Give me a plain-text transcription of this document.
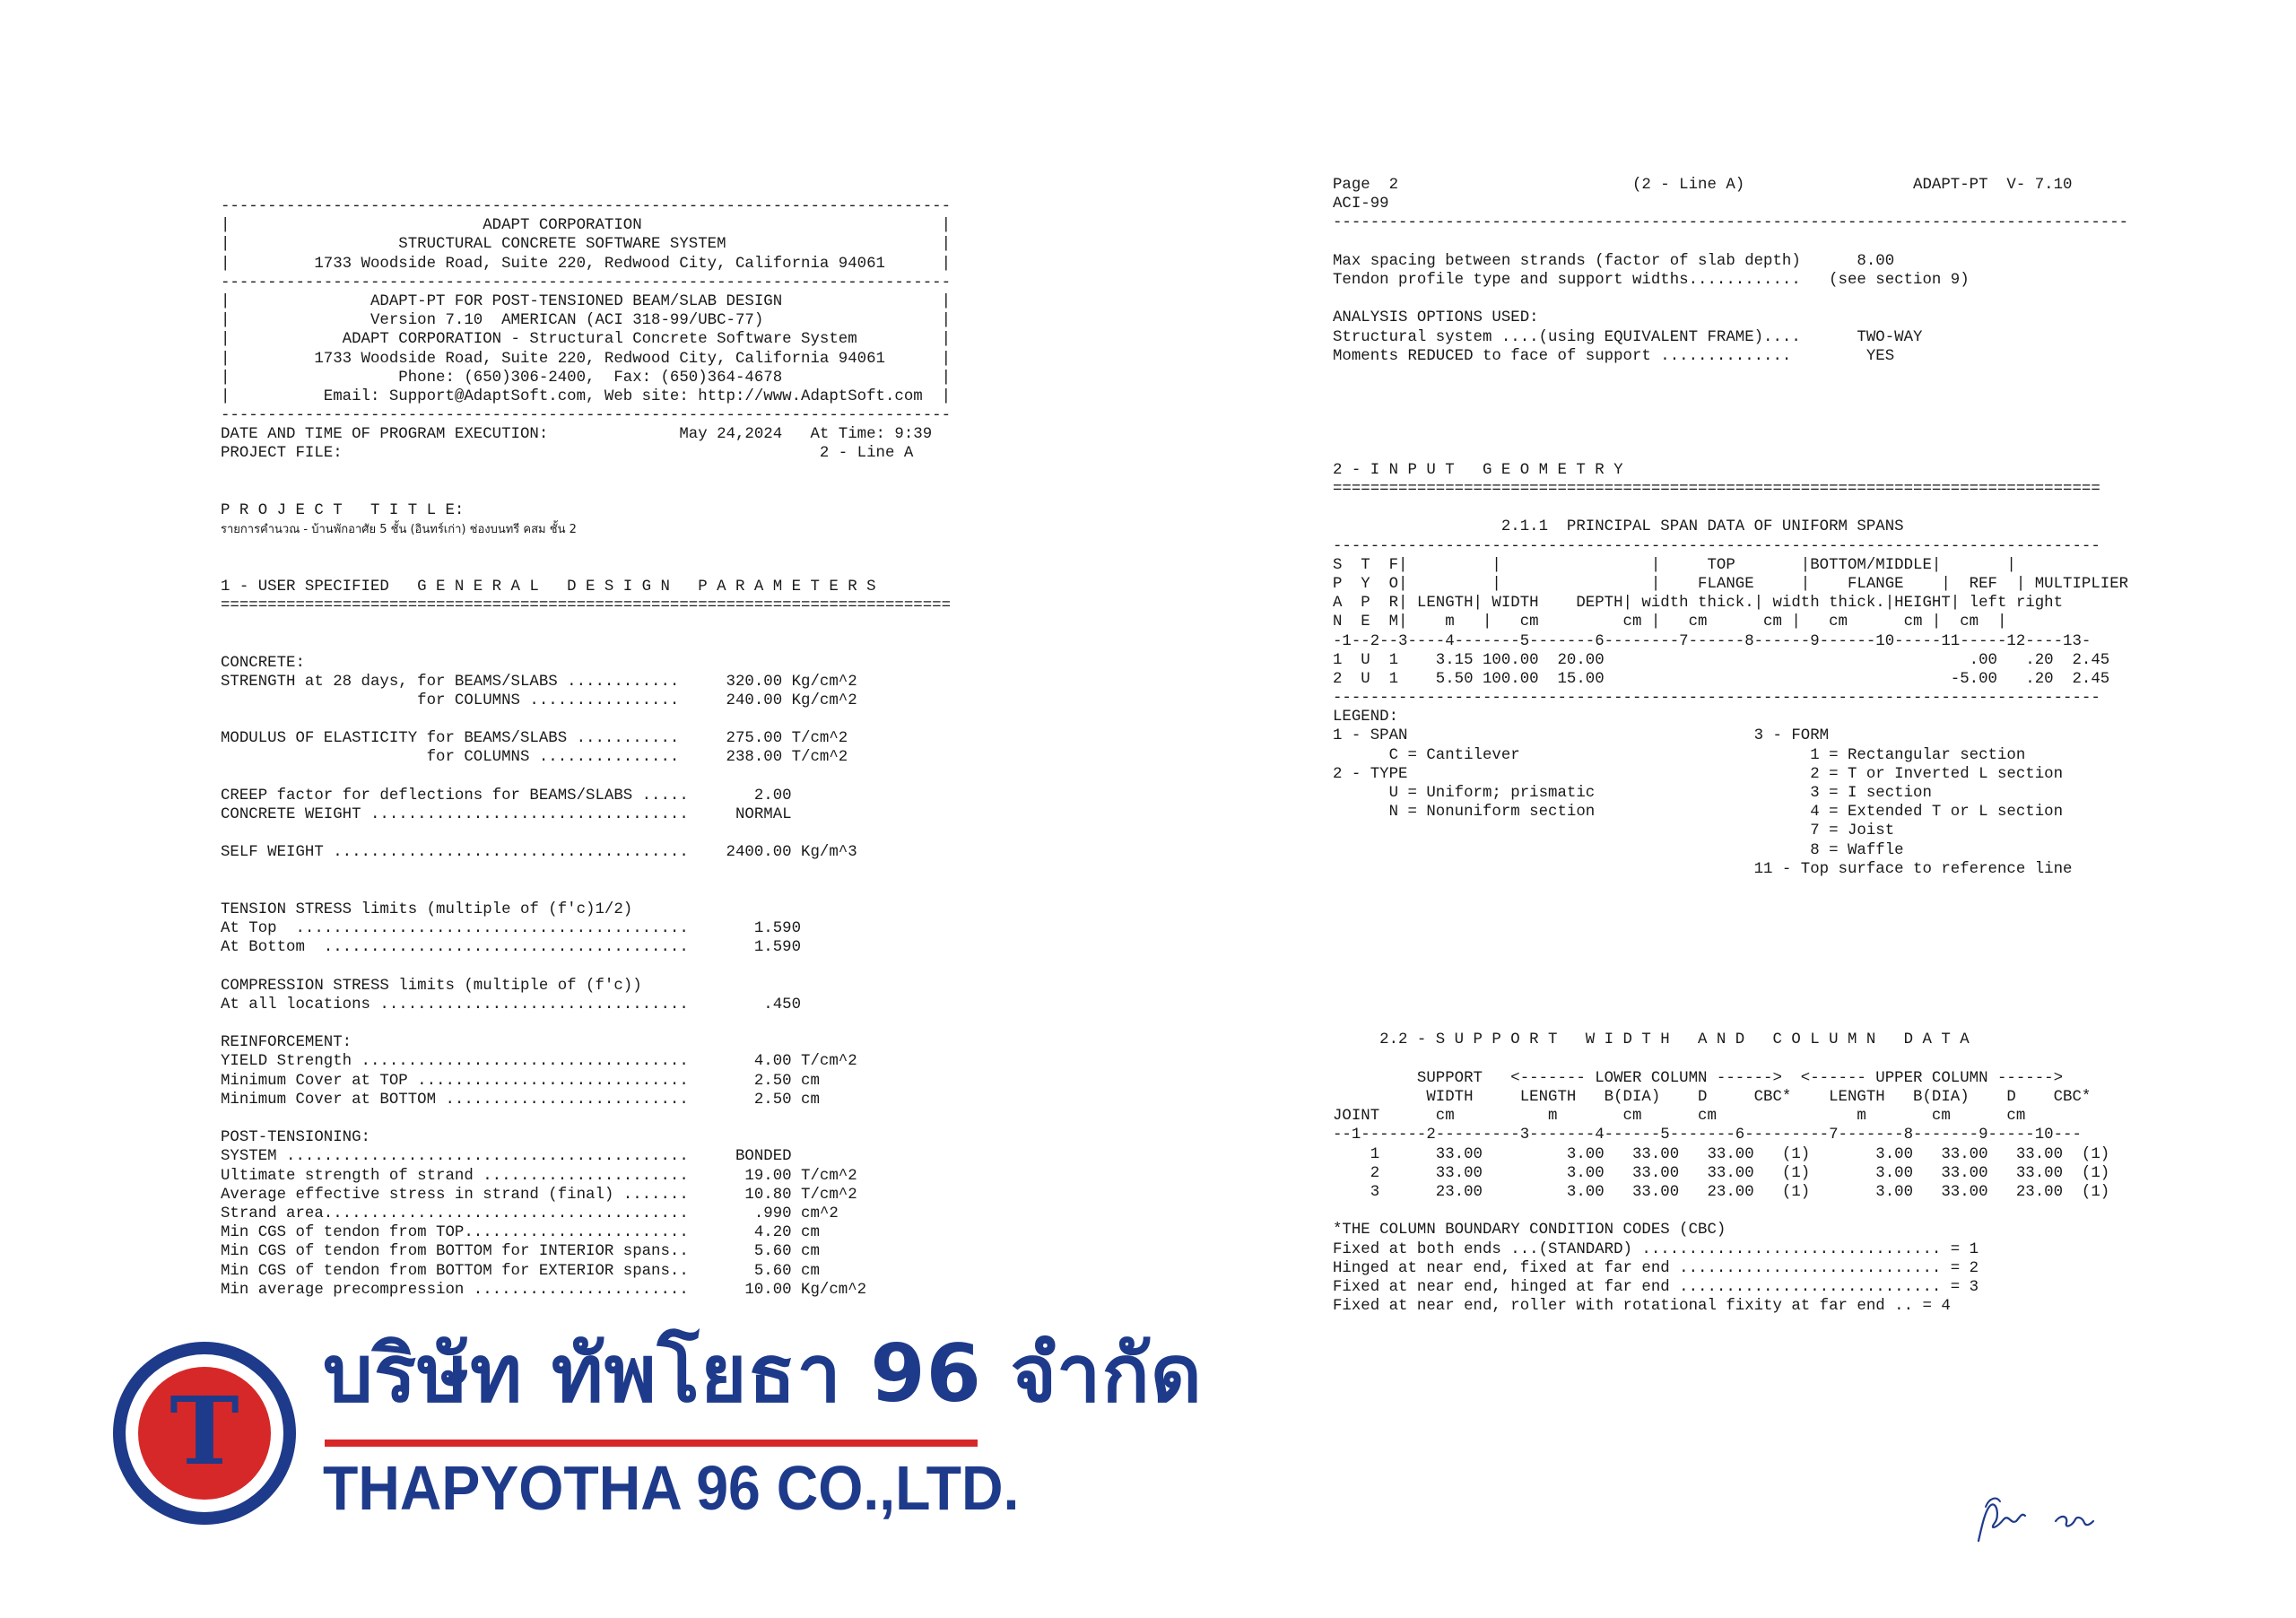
------------------------------------------------------------------------------
|                           ADAPT CORPORATION                                |
|                  STRUCTURAL CONCRETE SOFTWARE SYSTEM                       |
|         1733 Woodside Road, Suite 220, Redwood City, California 94061      |
------------------------------------------------------------------------------
|               ADAPT-PT FOR POST-TENSIONED BEAM/SLAB DESIGN                 |
|               Version 7.10  AMERICAN (ACI 318-99/UBC-77)                   |
|            ADAPT CORPORATION - Structural Concrete Software System         |
|         1733 Woodside Road, Suite 220, Redwood City, California 94061      |
|                  Phone: (650)306-2400,  Fax: (650)364-4678                 |
|          Email: Support@AdaptSoft.com, Web site: http://www.AdaptSoft.com  |
------------------------------------------------------------------------------
DATE AND TIME OF PROGRAM EXECUTION:              May 24,2024   At Time: 9:39
PROJECT FILE:                                                   2 - Line A
P R O J E C T   T I T L E:
รายการคำนวณ - บ้านพักอาศัย 5 ชั้น (อินทร์เก่า) ช่องบนทรี คสม ชั้น 2
1 - USER SPECIFIED   G E N E R A L   D E S I G N   P A R A M E T E R S
==============================================================================
CONCRETE:
STRENGTH at 28 days, for BEAMS/SLABS ............     320.00 Kg/cm^2
for COLUMNS ................     240.00 Kg/cm^2
MODULUS OF ELASTICITY for BEAMS/SLABS ...........     275.00 T/cm^2
for COLUMNS ...............     238.00 T/cm^2
CREEP factor for deflections for BEAMS/SLABS .....       2.00
CONCRETE WEIGHT ..................................     NORMAL
SELF WEIGHT ......................................    2400.00 Kg/m^3
TENSION STRESS limits (multiple of (f'c)1/2)
At Top  ..........................................       1.590
At Bottom  .......................................       1.590
COMPRESSION STRESS limits (multiple of (f'c))
At all locations .................................        .450
REINFORCEMENT:
YIELD Strength ...................................       4.00 T/cm^2
Minimum Cover at TOP .............................       2.50 cm
Minimum Cover at BOTTOM ..........................       2.50 cm
POST-TENSIONING:
SYSTEM ...........................................     BONDED
Ultimate strength of strand ......................      19.00 T/cm^2
Average effective stress in strand (final) .......      10.80 T/cm^2
Strand area.......................................       .990 cm^2
Min CGS of tendon from TOP........................       4.20 cm
Min CGS of tendon from BOTTOM for INTERIOR spans..       5.60 cm
Min CGS of tendon from BOTTOM for EXTERIOR spans..       5.60 cm
Min average precompression .......................      10.00 Kg/cm^2
Page  2                         (2 - Line A)                  ADAPT-PT  V- 7.10
ACI-99
-------------------------------------------------------------------------------------
Max spacing between strands (factor of slab depth)      8.00
Tendon profile type and support widths............   (see section 9)
ANALYSIS OPTIONS USED:
Structural system ....(using EQUIVALENT FRAME)....      TWO-WAY
Moments REDUCED to face of support ..............        YES
2 - I N P U T   G E O M E T R Y
==================================================================================
2.1.1  PRINCIPAL SPAN DATA OF UNIFORM SPANS
----------------------------------------------------------------------------------
S  T  F|         |                |     TOP       |BOTTOM/MIDDLE|       |
P  Y  O|         |                |    FLANGE     |    FLANGE    |  REF  | MULTIPLIER
A  P  R| LENGTH| WIDTH    DEPTH| width thick.| width thick.|HEIGHT| left right
N  E  M|    m   |   cm         cm |   cm      cm |   cm      cm |  cm  |
-1--2--3----4-------5-------6--------7------8------9------10-----11-----12----13-
1  U  1    3.15 100.00  20.00                                       .00   .20  2.45
2  U  1    5.50 100.00  15.00                                     -5.00   .20  2.45
----------------------------------------------------------------------------------
LEGEND:
1 - SPAN                                     3 - FORM
C = Cantilever                               1 = Rectangular section
2 - TYPE                                           2 = T or Inverted L section
U = Uniform; prismatic                       3 = I section
N = Nonuniform section                       4 = Extended T or L section
7 = Joist
8 = Waffle
11 - Top surface to reference line
2.2 - S U P P O R T   W I D T H   A N D   C O L U M N   D A T A
SUPPORT   <------- LOWER COLUMN ------>  <------ UPPER COLUMN ------>
WIDTH     LENGTH   B(DIA)    D     CBC*    LENGTH   B(DIA)    D    CBC*
JOINT      cm          m       cm      cm               m       cm      cm
--1-------2---------3-------4------5-------6---------7-------8-------9-----10---
1      33.00         3.00   33.00   33.00   (1)       3.00   33.00   33.00  (1)
2      33.00         3.00   33.00   33.00   (1)       3.00   33.00   33.00  (1)
3      23.00         3.00   33.00   23.00   (1)       3.00   33.00   23.00  (1)
*THE COLUMN BOUNDARY CONDITION CODES (CBC)
Fixed at both ends ...(STANDARD) ................................ = 1
Hinged at near end, fixed at far end ............................ = 2
Fixed at near end, hinged at far end ............................ = 3
Fixed at near end, roller with rotational fixity at far end .. = 4
T
บริษัท ทัพโยธา 96 จำกัด
THAPYOTHA 96 CO.,LTD.
